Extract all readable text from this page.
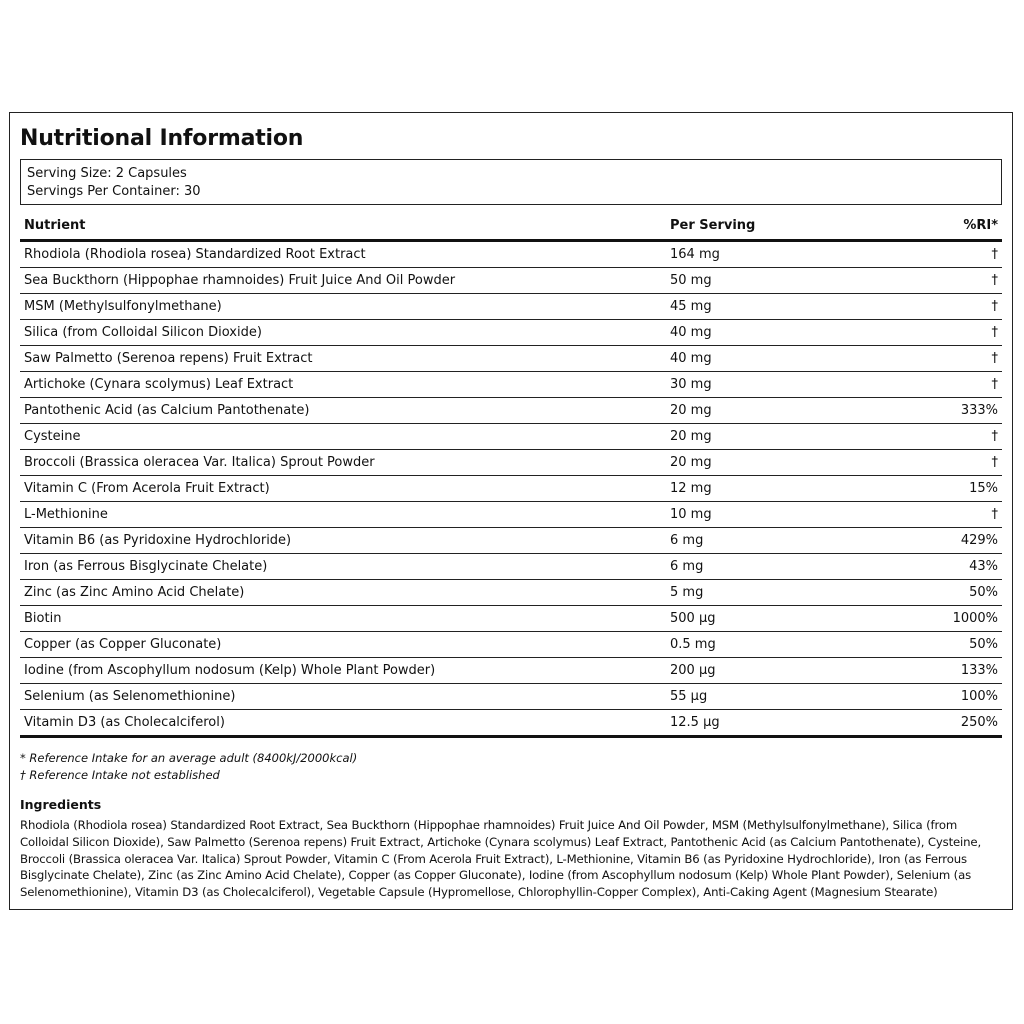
Nutritional Information
Serving Size: 2 Capsules
Servings Per Container: 30
Nutrient	Per Serving	%RI*
Rhodiola (Rhodiola rosea) Standardized Root Extract	164 mg	†
Sea Buckthorn (Hippophae rhamnoides) Fruit Juice And Oil Powder	50 mg	†
MSM (Methylsulfonylmethane)	45 mg	†
Silica (from Colloidal Silicon Dioxide)	40 mg	†
Saw Palmetto (Serenoa repens) Fruit Extract	40 mg	†
Artichoke (Cynara scolymus) Leaf Extract	30 mg	†
Pantothenic Acid (as Calcium Pantothenate)	20 mg	333%
Cysteine	20 mg	†
Broccoli (Brassica oleracea Var. Italica) Sprout Powder	20 mg	†
Vitamin C (From Acerola Fruit Extract)	12 mg	15%
L-Methionine	10 mg	†
Vitamin B6 (as Pyridoxine Hydrochloride)	6 mg	429%
Iron (as Ferrous Bisglycinate Chelate)	6 mg	43%
Zinc (as Zinc Amino Acid Chelate)	5 mg	50%
Biotin	500 µg	1000%
Copper (as Copper Gluconate)	0.5 mg	50%
Iodine (from Ascophyllum nodosum (Kelp) Whole Plant Powder)	200 µg	133%
Selenium (as Selenomethionine)	55 µg	100%
Vitamin D3 (as Cholecalciferol)	12.5 µg	250%
* Reference Intake for an average adult (8400kJ/2000kcal)
† Reference Intake not established
Ingredients
Rhodiola (Rhodiola rosea) Standardized Root Extract, Sea Buckthorn (Hippophae rhamnoides) Fruit Juice And Oil Powder, MSM (Methylsulfonylmethane), Silica (from Colloidal Silicon Dioxide), Saw Palmetto (Serenoa repens) Fruit Extract, Artichoke (Cynara scolymus) Leaf Extract, Pantothenic Acid (as Calcium Pantothenate), Cysteine, Broccoli (Brassica oleracea Var. Italica) Sprout Powder, Vitamin C (From Acerola Fruit Extract), L-Methionine, Vitamin B6 (as Pyridoxine Hydrochloride), Iron (as Ferrous Bisglycinate Chelate), Zinc (as Zinc Amino Acid Chelate), Copper (as Copper Gluconate), Iodine (from Ascophyllum nodosum (Kelp) Whole Plant Powder), Selenium (as Selenomethionine), Vitamin D3 (as Cholecalciferol), Vegetable Capsule (Hypromellose, Chlorophyllin-Copper Complex), Anti-Caking Agent (Magnesium Stearate)
